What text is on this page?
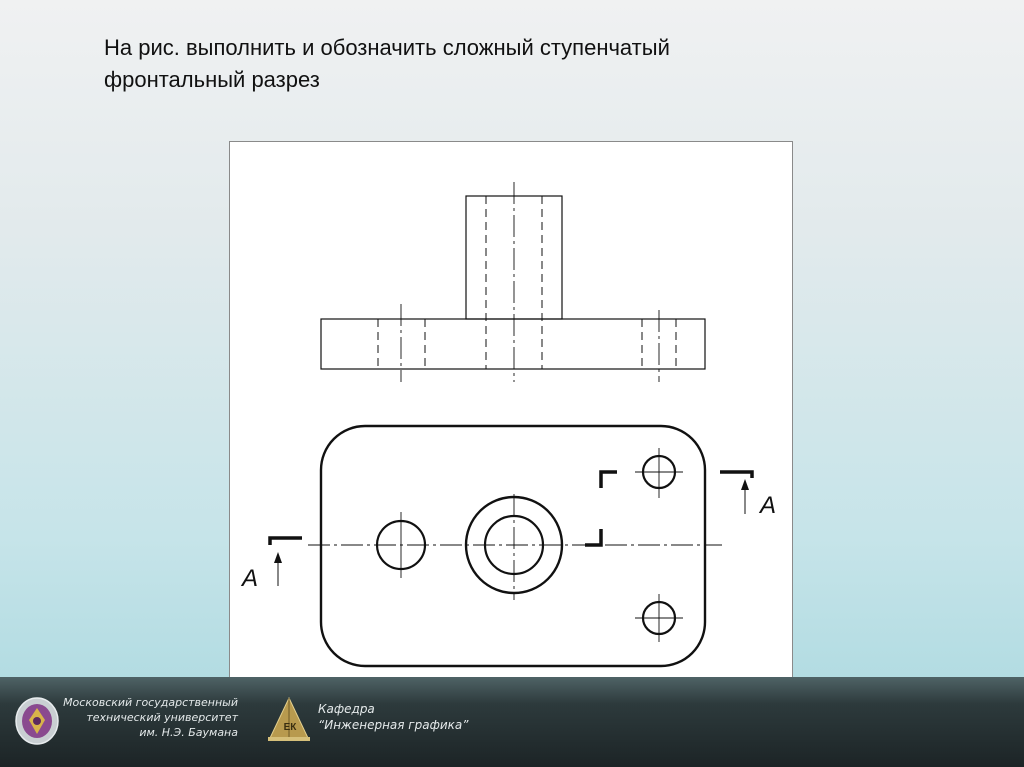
На рис. выполнить и обозначить сложный ступенчатый
фронтальный разрез
А
А
Московский государственный
технический университет
им. Н.Э. Баумана	ЕК
Кафедра
“Инженерная графика”
